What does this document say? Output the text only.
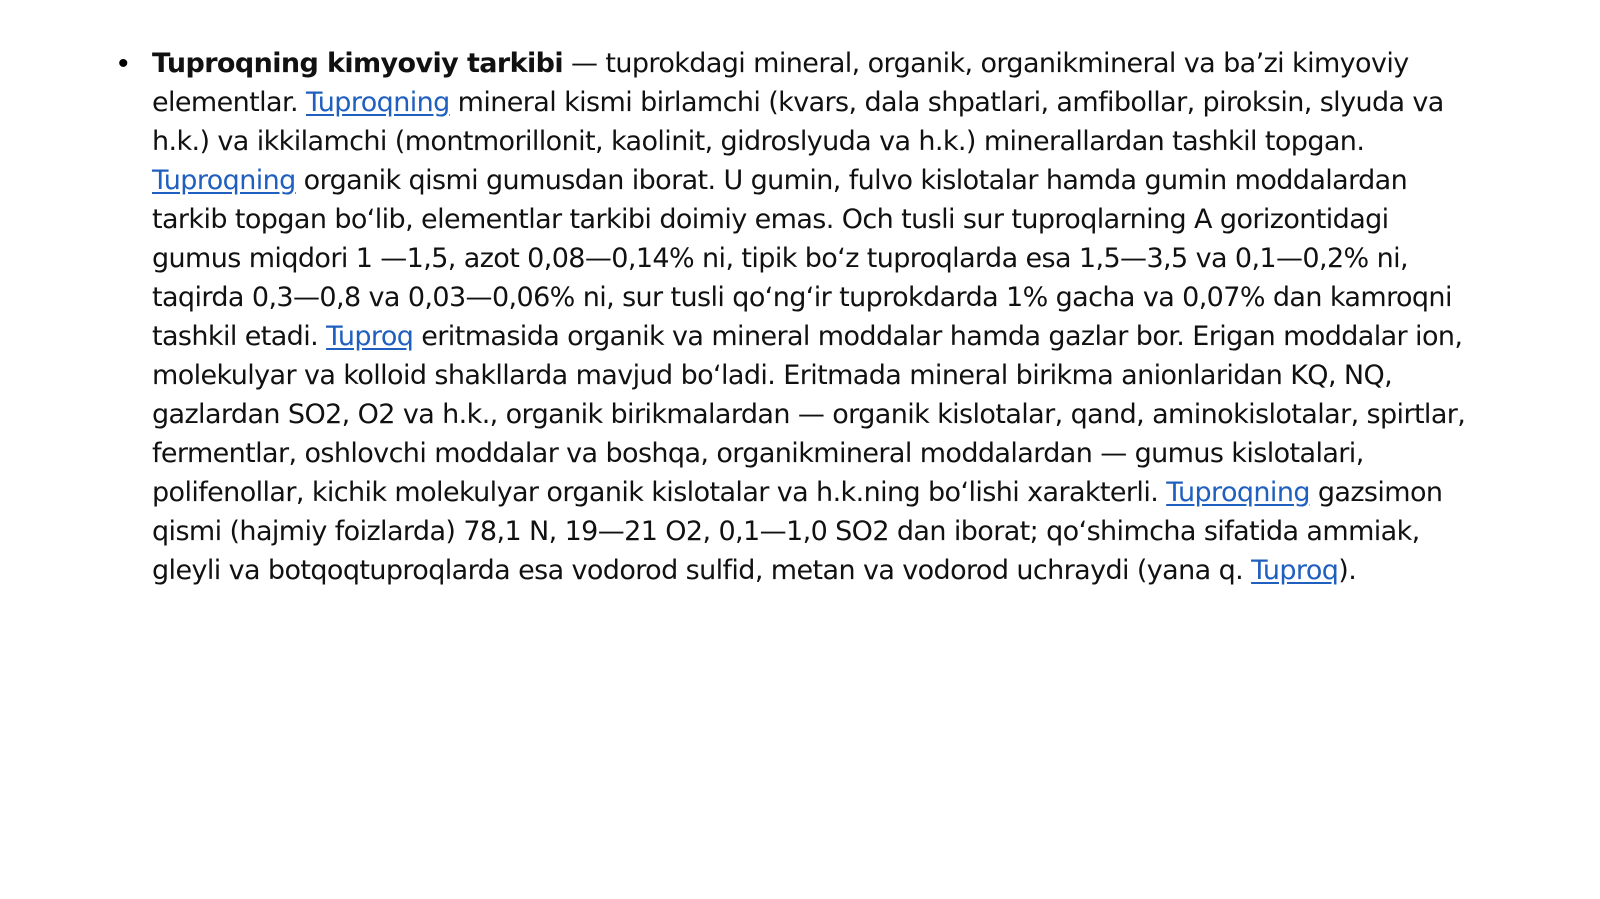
• Tuproqning kimyoviy tarkibi — tuprokdagi mineral, organik, organikmineral va ba’zi kimyoviy elementlar. Tuproqning mineral kismi birlamchi (kvars, dala shpatlari, amfibollar, piroksin, slyuda va h.k.) va ikkilamchi (montmorillonit, kaolinit, gidroslyuda va h.k.) minerallardan tashkil topgan. Tuproqning organik qismi gumusdan iborat. U gumin, fulvo kislotalar hamda gumin moddalardan tarkib topgan boʻlib, elementlar tarkibi doimiy emas. Och tusli sur tuproqlarning A gorizontidagi gumus miqdori 1 —1,5, azot 0,08—0,14% ni, tipik boʻz tuproqlarda esa 1,5—3,5 va 0,1—0,2% ni, taqirda 0,3—0,8 va 0,03—0,06% ni, sur tusli qoʻngʻir tuprokdarda 1% gacha va 0,07% dan kamroqni tashkil etadi. Tuproq eritmasida organik va mineral moddalar hamda gazlar bor. Erigan moddalar ion, molekulyar va kolloid shakllarda mavjud boʻladi. Eritmada mineral birikma anionlaridan KQ, NQ, gazlardan SO2, O2 va h.k., organik birikmalardan — organik kislotalar, qand, aminokislotalar, spirtlar, fermentlar, oshlovchi moddalar va boshqa, organikmineral moddalardan — gumus kislotalari, polifenollar, kichik molekulyar organik kislotalar va h.k.ning boʻlishi xarakterli. Tuproqning gazsimon qismi (hajmiy foizlarda) 78,1 N, 19—21 O2, 0,1—1,0 SO2 dan iborat; qoʻshimcha sifatida ammiak, gleyli va botqoqtuproqlarda esa vodorod sulfid, metan va vodorod uchraydi (yana q. Tuproq).
